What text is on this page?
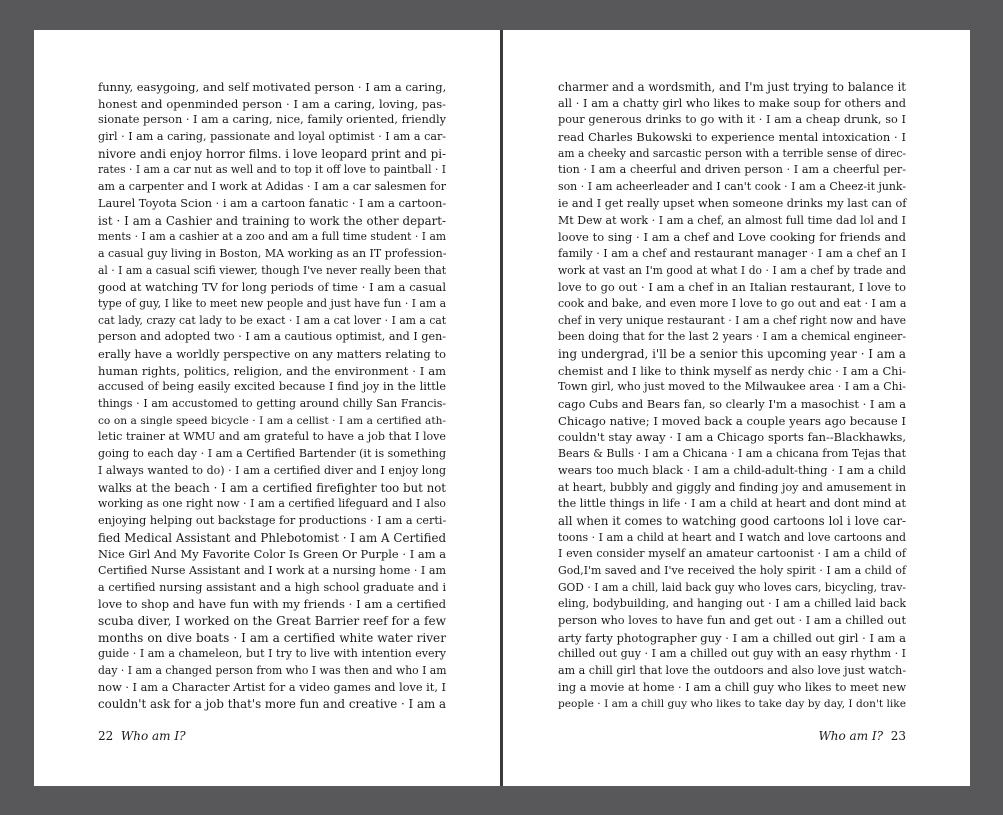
funny, easygoing, and self motivated person · I am a caring,
honest and openminded person · I am a caring, loving, pas-
sionate person · I am a caring, nice, family oriented, friendly
girl · I am a caring, passionate and loyal optimist · I am a car-
nivore andi enjoy horror films. i love leopard print and pi-
rates · I am a car nut as well and to top it off love to paintball · I
am a carpenter and I work at Adidas · I am a car salesmen for
Laurel Toyota Scion · i am a cartoon fanatic · I am a cartoon-
ist · I am a Cashier and training to work the other depart-
ments · I am a cashier at a zoo and am a full time student · I am
a casual guy living in Boston, MA working as an IT profession-
al · I am a casual scifi viewer, though I've never really been that
good at watching TV for long periods of time · I am a casual
type of guy, I like to meet new people and just have fun · I am a
cat lady, crazy cat lady to be exact · I am a cat lover · I am a cat
person and adopted two · I am a cautious optimist, and I gen-
erally have a worldly perspective on any matters relating to
human rights, politics, religion, and the environment · I am
accused of being easily excited because I find joy in the little
things · I am accustomed to getting around chilly San Francis-
co on a single speed bicycle · I am a cellist · I am a certified ath-
letic trainer at WMU and am grateful to have a job that I love
going to each day · I am a Certified Bartender (it is something
I always wanted to do) · I am a certified diver and I enjoy long
walks at the beach · I am a certified firefighter too but not
working as one right now · I am a certified lifeguard and I also
enjoying helping out backstage for productions · I am a certi-
fied Medical Assistant and Phlebotomist · I am A Certified
Nice Girl And My Favorite Color Is Green Or Purple · I am a
Certified Nurse Assistant and I work at a nursing home · I am
a certified nursing assistant and a high school graduate and i
love to shop and have fun with my friends · I am a certified
scuba diver, I worked on the Great Barrier reef for a few
months on dive boats · I am a certified white water river
guide · I am a chameleon, but I try to live with intention every
day · I am a changed person from who I was then and who I am
now · I am a Character Artist for a video games and love it, I
couldn't ask for a job that's more fun and creative · I am a
22 Who am I?
charmer and a wordsmith, and I'm just trying to balance it
all · I am a chatty girl who likes to make soup for others and
pour generous drinks to go with it · I am a cheap drunk, so I
read Charles Bukowski to experience mental intoxication · I
am a cheeky and sarcastic person with a terrible sense of direc-
tion · I am a cheerful and driven person · I am a cheerful per-
son · I am acheerleader and I can't cook · I am a Cheez-it junk-
ie and I get really upset when someone drinks my last can of
Mt Dew at work · I am a chef, an almost full time dad lol and I
loove to sing · I am a chef and Love cooking for friends and
family · I am a chef and restaurant manager · I am a chef an I
work at vast an I'm good at what I do · I am a chef by trade and
love to go out · I am a chef in an Italian restaurant, I love to
cook and bake, and even more I love to go out and eat · I am a
chef in very unique restaurant · I am a chef right now and have
been doing that for the last 2 years · I am a chemical engineer-
ing undergrad, i'll be a senior this upcoming year · I am a
chemist and I like to think myself as nerdy chic · I am a Chi-
Town girl, who just moved to the Milwaukee area · I am a Chi-
cago Cubs and Bears fan, so clearly I'm a masochist · I am a
Chicago native; I moved back a couple years ago because I
couldn't stay away · I am a Chicago sports fan--Blackhawks,
Bears & Bulls · I am a Chicana · I am a chicana from Tejas that
wears too much black · I am a child-adult-thing · I am a child
at heart, bubbly and giggly and finding joy and amusement in
the little things in life · I am a child at heart and dont mind at
all when it comes to watching good cartoons lol i love car-
toons · I am a child at heart and I watch and love cartoons and
I even consider myself an amateur cartoonist · I am a child of
God,I'm saved and I've received the holy spirit · I am a child of
GOD · I am a chill, laid back guy who loves cars, bicycling, trav-
eling, bodybuilding, and hanging out · I am a chilled laid back
person who loves to have fun and get out · I am a chilled out
arty farty photographer guy · I am a chilled out girl · I am a
chilled out guy · I am a chilled out guy with an easy rhythm · I
am a chill girl that love the outdoors and also love just watch-
ing a movie at home · I am a chill guy who likes to meet new
people · I am a chill guy who likes to take day by day, I don't like
Who am I? 23
